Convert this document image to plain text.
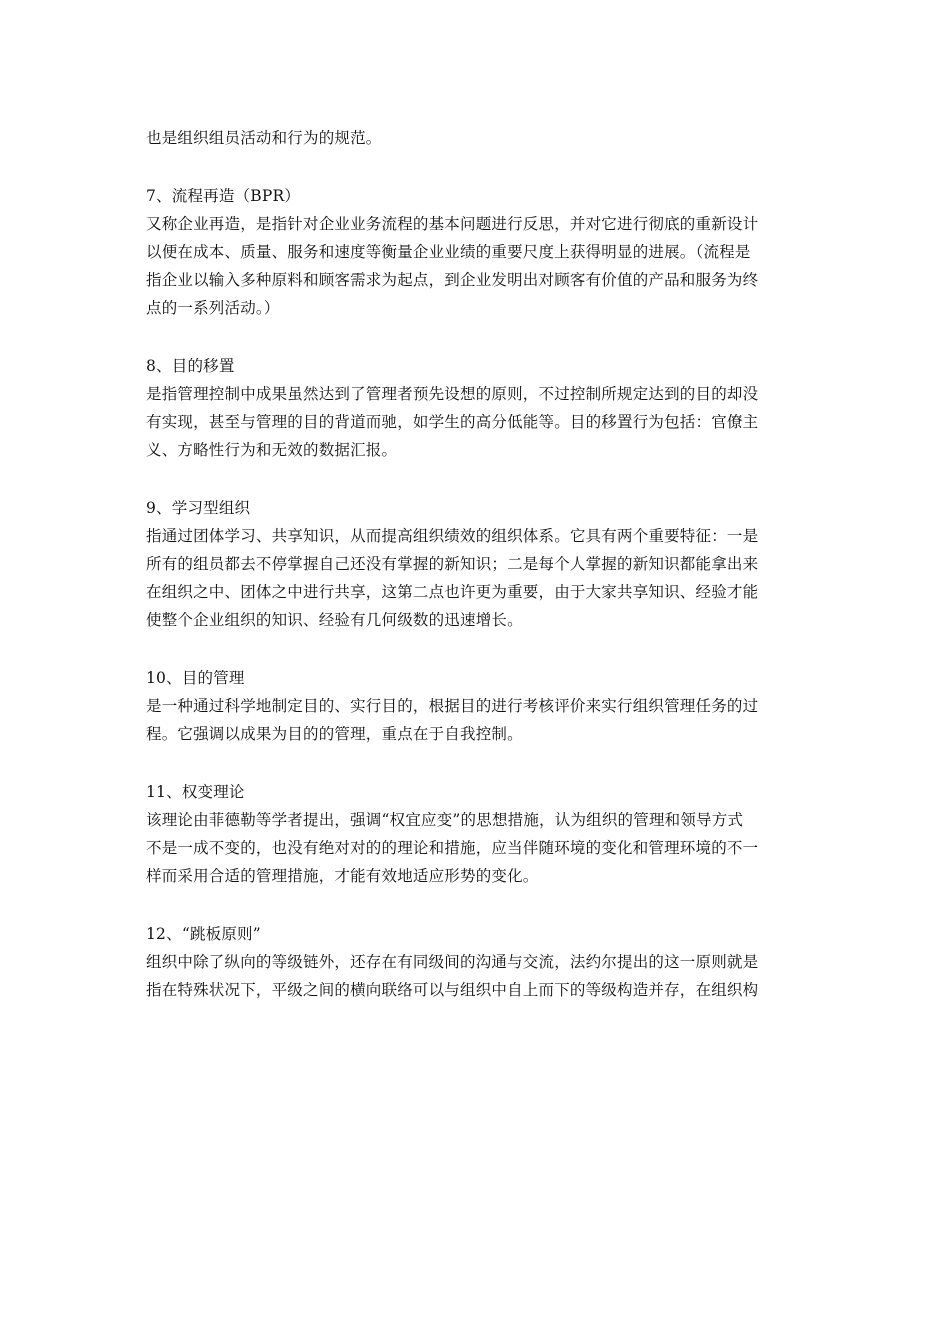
也是组织组员活动和行为的规范。
7、流程再造（BPR）
又称企业再造，是指针对企业业务流程的基本问题进行反思，并对它进行彻底的重新设计
以便在成本、质量、服务和速度等衡量企业业绩的重要尺度上获得明显的进展。（流程是
指企业以输入多种原料和顾客需求为起点，到企业发明出对顾客有价值的产品和服务为终
点的一系列活动。）
8、目的移置
是指管理控制中成果虽然达到了管理者预先设想的原则，不过控制所规定达到的目的却没
有实现，甚至与管理的目的背道而驰，如学生的高分低能等。目的移置行为包括：官僚主
义、方略性行为和无效的数据汇报。
9、学习型组织
指通过团体学习、共享知识，从而提高组织绩效的组织体系。它具有两个重要特征：一是
所有的组员都去不停掌握自己还没有掌握的新知识；二是每个人掌握的新知识都能拿出来
在组织之中、团体之中进行共享，这第二点也许更为重要，由于大家共享知识、经验才能
使整个企业组织的知识、经验有几何级数的迅速增长。
10、目的管理
是一种通过科学地制定目的、实行目的，根据目的进行考核评价来实行组织管理任务的过
程。它强调以成果为目的的管理，重点在于自我控制。
11、权变理论
该理论由菲德勒等学者提出，强调“权宜应变”的思想措施，认为组织的管理和领导方式
不是一成不变的，也没有绝对对的的理论和措施，应当伴随环境的变化和管理环境的不一
样而采用合适的管理措施，才能有效地适应形势的变化。
12、“跳板原则”
组织中除了纵向的等级链外，还存在有同级间的沟通与交流，法约尔提出的这一原则就是
指在特殊状况下，平级之间的横向联络可以与组织中自上而下的等级构造并存，在组织构
